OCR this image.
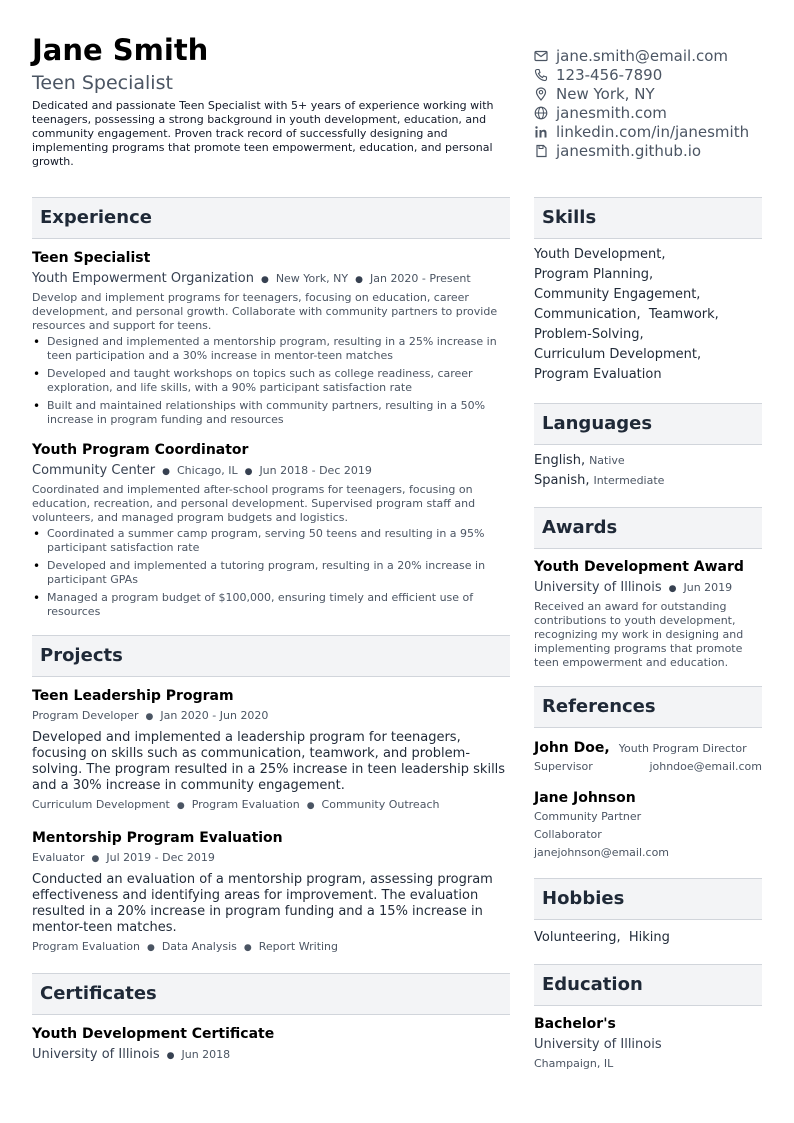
Jane Smith
Teen Specialist
Dedicated and passionate Teen Specialist with 5+ years of experience working with teenagers, possessing a strong background in youth development, education, and community engagement. Proven track record of successfully designing and implementing programs that promote teen empowerment, education, and personal growth.
jane.smith@email.com
123-456-7890
New York, NY
janesmith.com
linkedin.com/in/janesmith
janesmith.github.io
Experience
Teen Specialist
Youth Empowerment Organization ● New York, NY ● Jan 2020 - Present
Develop and implement programs for teenagers, focusing on education, career development, and personal growth. Collaborate with community partners to provide resources and support for teens.
• Designed and implemented a mentorship program, resulting in a 25% increase in teen participation and a 30% increase in mentor-teen matches
• Developed and taught workshops on topics such as college readiness, career exploration, and life skills, with a 90% participant satisfaction rate
• Built and maintained relationships with community partners, resulting in a 50% increase in program funding and resources
Youth Program Coordinator
Community Center ● Chicago, IL ● Jun 2018 - Dec 2019
Coordinated and implemented after-school programs for teenagers, focusing on education, recreation, and personal development. Supervised program staff and volunteers, and managed program budgets and logistics.
• Coordinated a summer camp program, serving 50 teens and resulting in a 95% participant satisfaction rate
• Developed and implemented a tutoring program, resulting in a 20% increase in participant GPAs
• Managed a program budget of $100,000, ensuring timely and efficient use of resources
Projects
Teen Leadership Program
Program Developer ● Jan 2020 - Jun 2020
Developed and implemented a leadership program for teenagers, focusing on skills such as communication, teamwork, and problem-solving. The program resulted in a 25% increase in teen leadership skills and a 30% increase in community engagement.
Curriculum Development ● Program Evaluation ● Community Outreach
Mentorship Program Evaluation
Evaluator ● Jul 2019 - Dec 2019
Conducted an evaluation of a mentorship program, assessing program effectiveness and identifying areas for improvement. The evaluation resulted in a 20% increase in program funding and a 15% increase in mentor-teen matches.
Program Evaluation ● Data Analysis ● Report Writing
Certificates
Youth Development Certificate
University of Illinois ● Jun 2018
Skills
Youth Development,
Program Planning,
Community Engagement,
Communication,  Teamwork,
Problem-Solving,
Curriculum Development,
Program Evaluation
Languages
English, Native
Spanish, Intermediate
Awards
Youth Development Award
University of Illinois ● Jun 2019
Received an award for outstanding contributions to youth development, recognizing my work in designing and implementing programs that promote teen empowerment and education.
References
John Doe, Youth Program Director
Supervisor	johndoe@email.com
Jane Johnson
Community Partner
Collaborator
janejohnson@email.com
Hobbies
Volunteering,  Hiking
Education
Bachelor's
University of Illinois
Champaign, IL
